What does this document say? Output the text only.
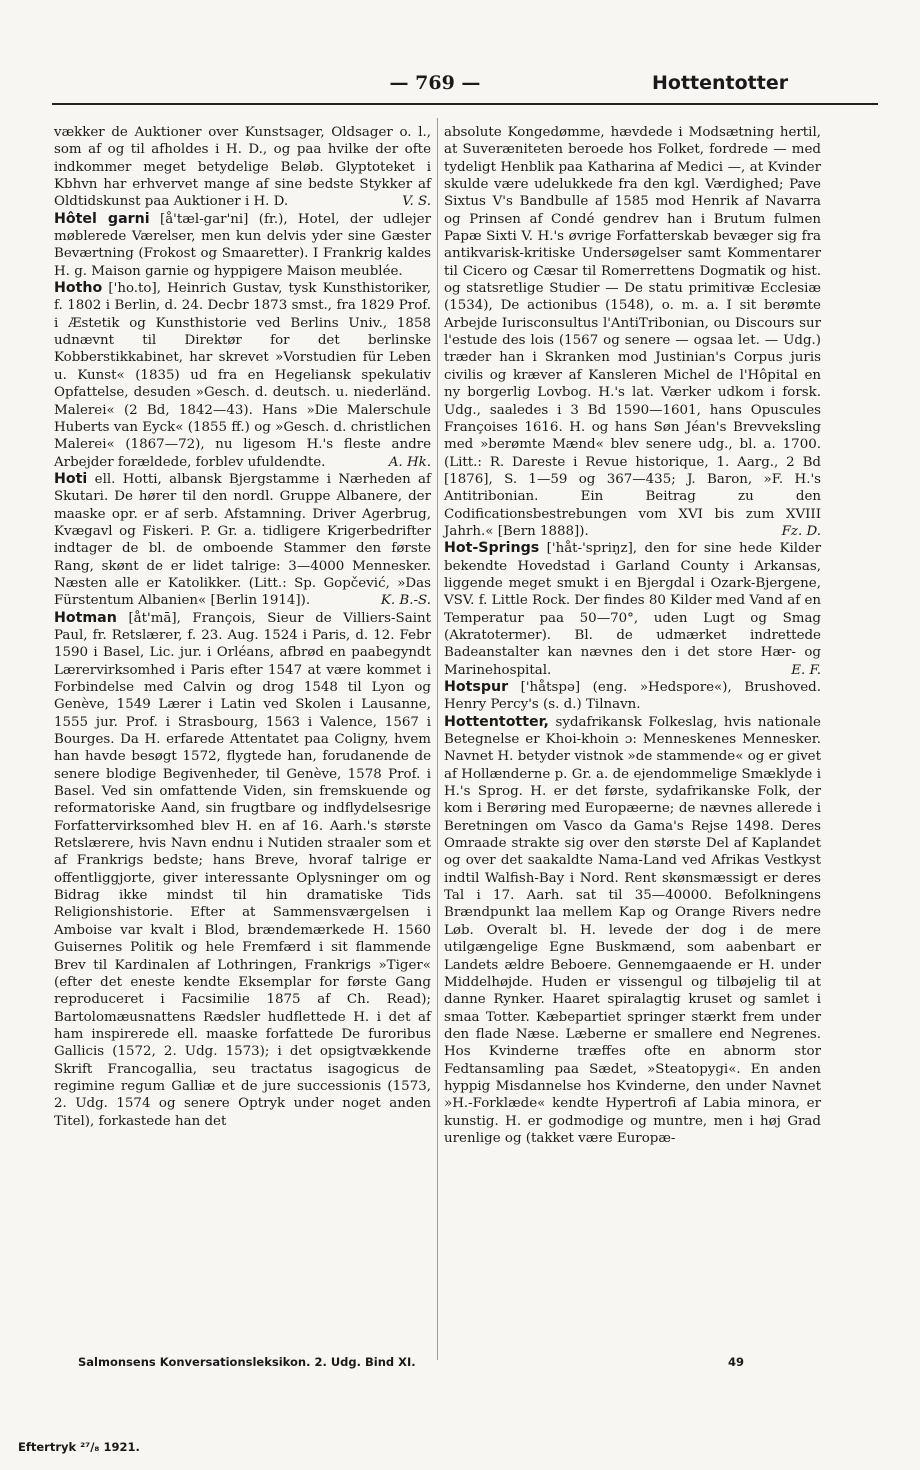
— 769 —	Hottentotter

vækker de Auktioner over Kunstsager, Oldsager o. l., som af og til afholdes i H. D., og paa hvilke der ofte indkommer meget betydelige Beløb. Glyptoteket i Kbhvn har erhvervet mange af sine bedste Stykker af Oldtidskunst paa Auktioner i H. D.	V. S.

Hôtel garni [å'tæl-gar'ni] (fr.), Hotel, der udlejer møblerede Værelser, men kun delvis yder sine Gæster Beværtning (Frokost og Smaaretter). I Frankrig kaldes H. g. Maison garnie og hyppigere Maison meublée.

Hotho ['ho.to], Heinrich Gustav, tysk Kunsthistoriker, f. 1802 i Berlin, d. 24. Decbr 1873 smst., fra 1829 Prof. i Æstetik og Kunsthistorie ved Berlins Univ., 1858 udnævnt til Direktør for det berlinske Kobberstikkabinet, har skrevet »Vorstudien für Leben u. Kunst« (1835) ud fra en Hegeliansk spekulativ Opfattelse, desuden »Gesch. d. deutsch. u. niederländ. Malerei« (2 Bd, 1842—43). Hans »Die Malerschule Huberts van Eyck« (1855 ff.) og »Gesch. d. christlichen Malerei« (1867—72), nu ligesom H.'s fleste andre Arbejder forældede, forblev ufuldendte.	A. Hk.

Hoti ell. Hotti, albansk Bjergstamme i Nærheden af Skutari. De hører til den nordl. Gruppe Albanere, der maaske opr. er af serb. Afstamning. Driver Agerbrug, Kvægavl og Fiskeri. P. Gr. a. tidligere Krigerbedrifter indtager de bl. de omboende Stammer den første Rang, skønt de er lidet talrige: 3—4000 Mennesker. Næsten alle er Katolikker. (Litt.: Sp. Gopčević, »Das Fürstentum Albanien« [Berlin 1914]).	K. B.-S.

Hotman [åt'mā], François, Sieur de Villiers-Saint Paul, fr. Retslærer, f. 23. Aug. 1524 i Paris, d. 12. Febr 1590 i Basel, Lic. jur. i Orléans, afbrød en paabegyndt Lærervirksomhed i Paris efter 1547 at være kommet i Forbindelse med Calvin og drog 1548 til Lyon og Genève, 1549 Lærer i Latin ved Skolen i Lausanne, 1555 jur. Prof. i Strasbourg, 1563 i Valence, 1567 i Bourges. Da H. erfarede Attentatet paa Coligny, hvem han havde besøgt 1572, flygtede han, forudanende de senere blodige Begivenheder, til Genève, 1578 Prof. i Basel. Ved sin omfattende Viden, sin fremskuende og reformatoriske Aand, sin frugtbare og indflydelsesrige Forfattervirksomhed blev H. en af 16. Aarh.'s største Retslærere, hvis Navn endnu i Nutiden straaler som et af Frankrigs bedste; hans Breve, hvoraf talrige er offentliggjorte, giver interessante Oplysninger om og Bidrag ikke mindst til hin dramatiske Tids Religionshistorie. Efter at Sammensværgelsen i Amboise var kvalt i Blod, brændemærkede H. 1560 Guisernes Politik og hele Fremfærd i sit flammende Brev til Kardinalen af Lothringen, Frankrigs »Tiger« (efter det eneste kendte Eksemplar for første Gang reproduceret i Facsimilie 1875 af Ch. Read); Bartolomæusnattens Rædsler hudflettede H. i det af ham inspirerede ell. maaske forfattede De furoribus Gallicis (1572, 2. Udg. 1573); i det opsigtvækkende Skrift Francogallia, seu tractatus isagogicus de regimine regum Galliæ et de jure successionis (1573, 2. Udg. 1574 og senere Optryk under noget anden Titel), forkastede han det

absolute Kongedømme, hævdede i Modsætning hertil, at Suveræniteten beroede hos Folket, fordrede — med tydeligt Henblik paa Katharina af Medici —, at Kvinder skulde være udelukkede fra den kgl. Værdighed; Pave Sixtus V's Bandbulle af 1585 mod Henrik af Navarra og Prinsen af Condé gendrev han i Brutum fulmen Papæ Sixti V. H.'s øvrige Forfatterskab bevæger sig fra antikvarisk-kritiske Undersøgelser samt Kommentarer til Cicero og Cæsar til Romerrettens Dogmatik og hist. og statsretlige Studier — De statu primitivæ Ecclesiæ (1534), De actionibus (1548), o. m. a. I sit berømte Arbejde Iurisconsultus l'AntiTribonian, ou Discours sur l'estude des lois (1567 og senere — ogsaa let. — Udg.) træder han i Skranken mod Justinian's Corpus juris civilis og kræver af Kansleren Michel de l'Hôpital en ny borgerlig Lovbog. H.'s lat. Værker udkom i forsk. Udg., saaledes i 3 Bd 1590—1601, hans Opuscules Françoises 1616. H. og hans Søn Jéan's Brevveksling med »berømte Mænd« blev senere udg., bl. a. 1700. (Litt.: R. Dareste i Revue historique, 1. Aarg., 2 Bd [1876], S. 1—59 og 367—435; J. Baron, »F. H.'s Antitribonian. Ein Beitrag zu den Codificationsbestrebungen vom XVI bis zum XVIII Jahrh.« [Bern 1888]).	Fz. D.

Hot-Springs ['håt-'spriŋz], den for sine hede Kilder bekendte Hovedstad i Garland County i Arkansas, liggende meget smukt i en Bjergdal i Ozark-Bjergene, VSV. f. Little Rock. Der findes 80 Kilder med Vand af en Temperatur paa 50—70°, uden Lugt og Smag (Akratotermer). Bl. de udmærket indrettede Badeanstalter kan nævnes den i det store Hær- og Marinehospital.	E. F.

Hotspur ['håtspə] (eng. »Hedspore«), Brushoved. Henry Percy's (s. d.) Tilnavn.

Hottentotter, sydafrikansk Folkeslag, hvis nationale Betegnelse er Khoi-khoin ɔ: Menneskenes Mennesker. Navnet H. betyder vistnok »de stammende« og er givet af Hollænderne p. Gr. a. de ejendommelige Smæklyde i H.'s Sprog. H. er det første, sydafrikanske Folk, der kom i Berøring med Europæerne; de nævnes allerede i Beretningen om Vasco da Gama's Rejse 1498. Deres Omraade strakte sig over den største Del af Kaplandet og over det saakaldte Nama-Land ved Afrikas Vestkyst indtil Walfish-Bay i Nord. Rent skønsmæssigt er deres Tal i 17. Aarh. sat til 35—40000. Befolkningens Brændpunkt laa mellem Kap og Orange Rivers nedre Løb. Overalt bl. H. levede der dog i de mere utilgængelige Egne Buskmænd, som aabenbart er Landets ældre Beboere. Gennemgaaende er H. under Middelhøjde. Huden er vissengul og tilbøjelig til at danne Rynker. Haaret spiralagtig kruset og samlet i smaa Totter. Kæbepartiet springer stærkt frem under den flade Næse. Læberne er smallere end Negrenes. Hos Kvinderne træffes ofte en abnorm stor Fedtansamling paa Sædet, »Steatopygi«. En anden hyppig Misdannelse hos Kvinderne, den under Navnet »H.-Forklæde« kendte Hypertrofi af Labia minora, er kunstig. H. er godmodige og muntre, men i høj Grad urenlige og (takket være Europæ-

Salmonsens Konversationsleksikon. 2. Udg. Bind XI.	49
Eftertryk ²⁷/₈ 1921.
